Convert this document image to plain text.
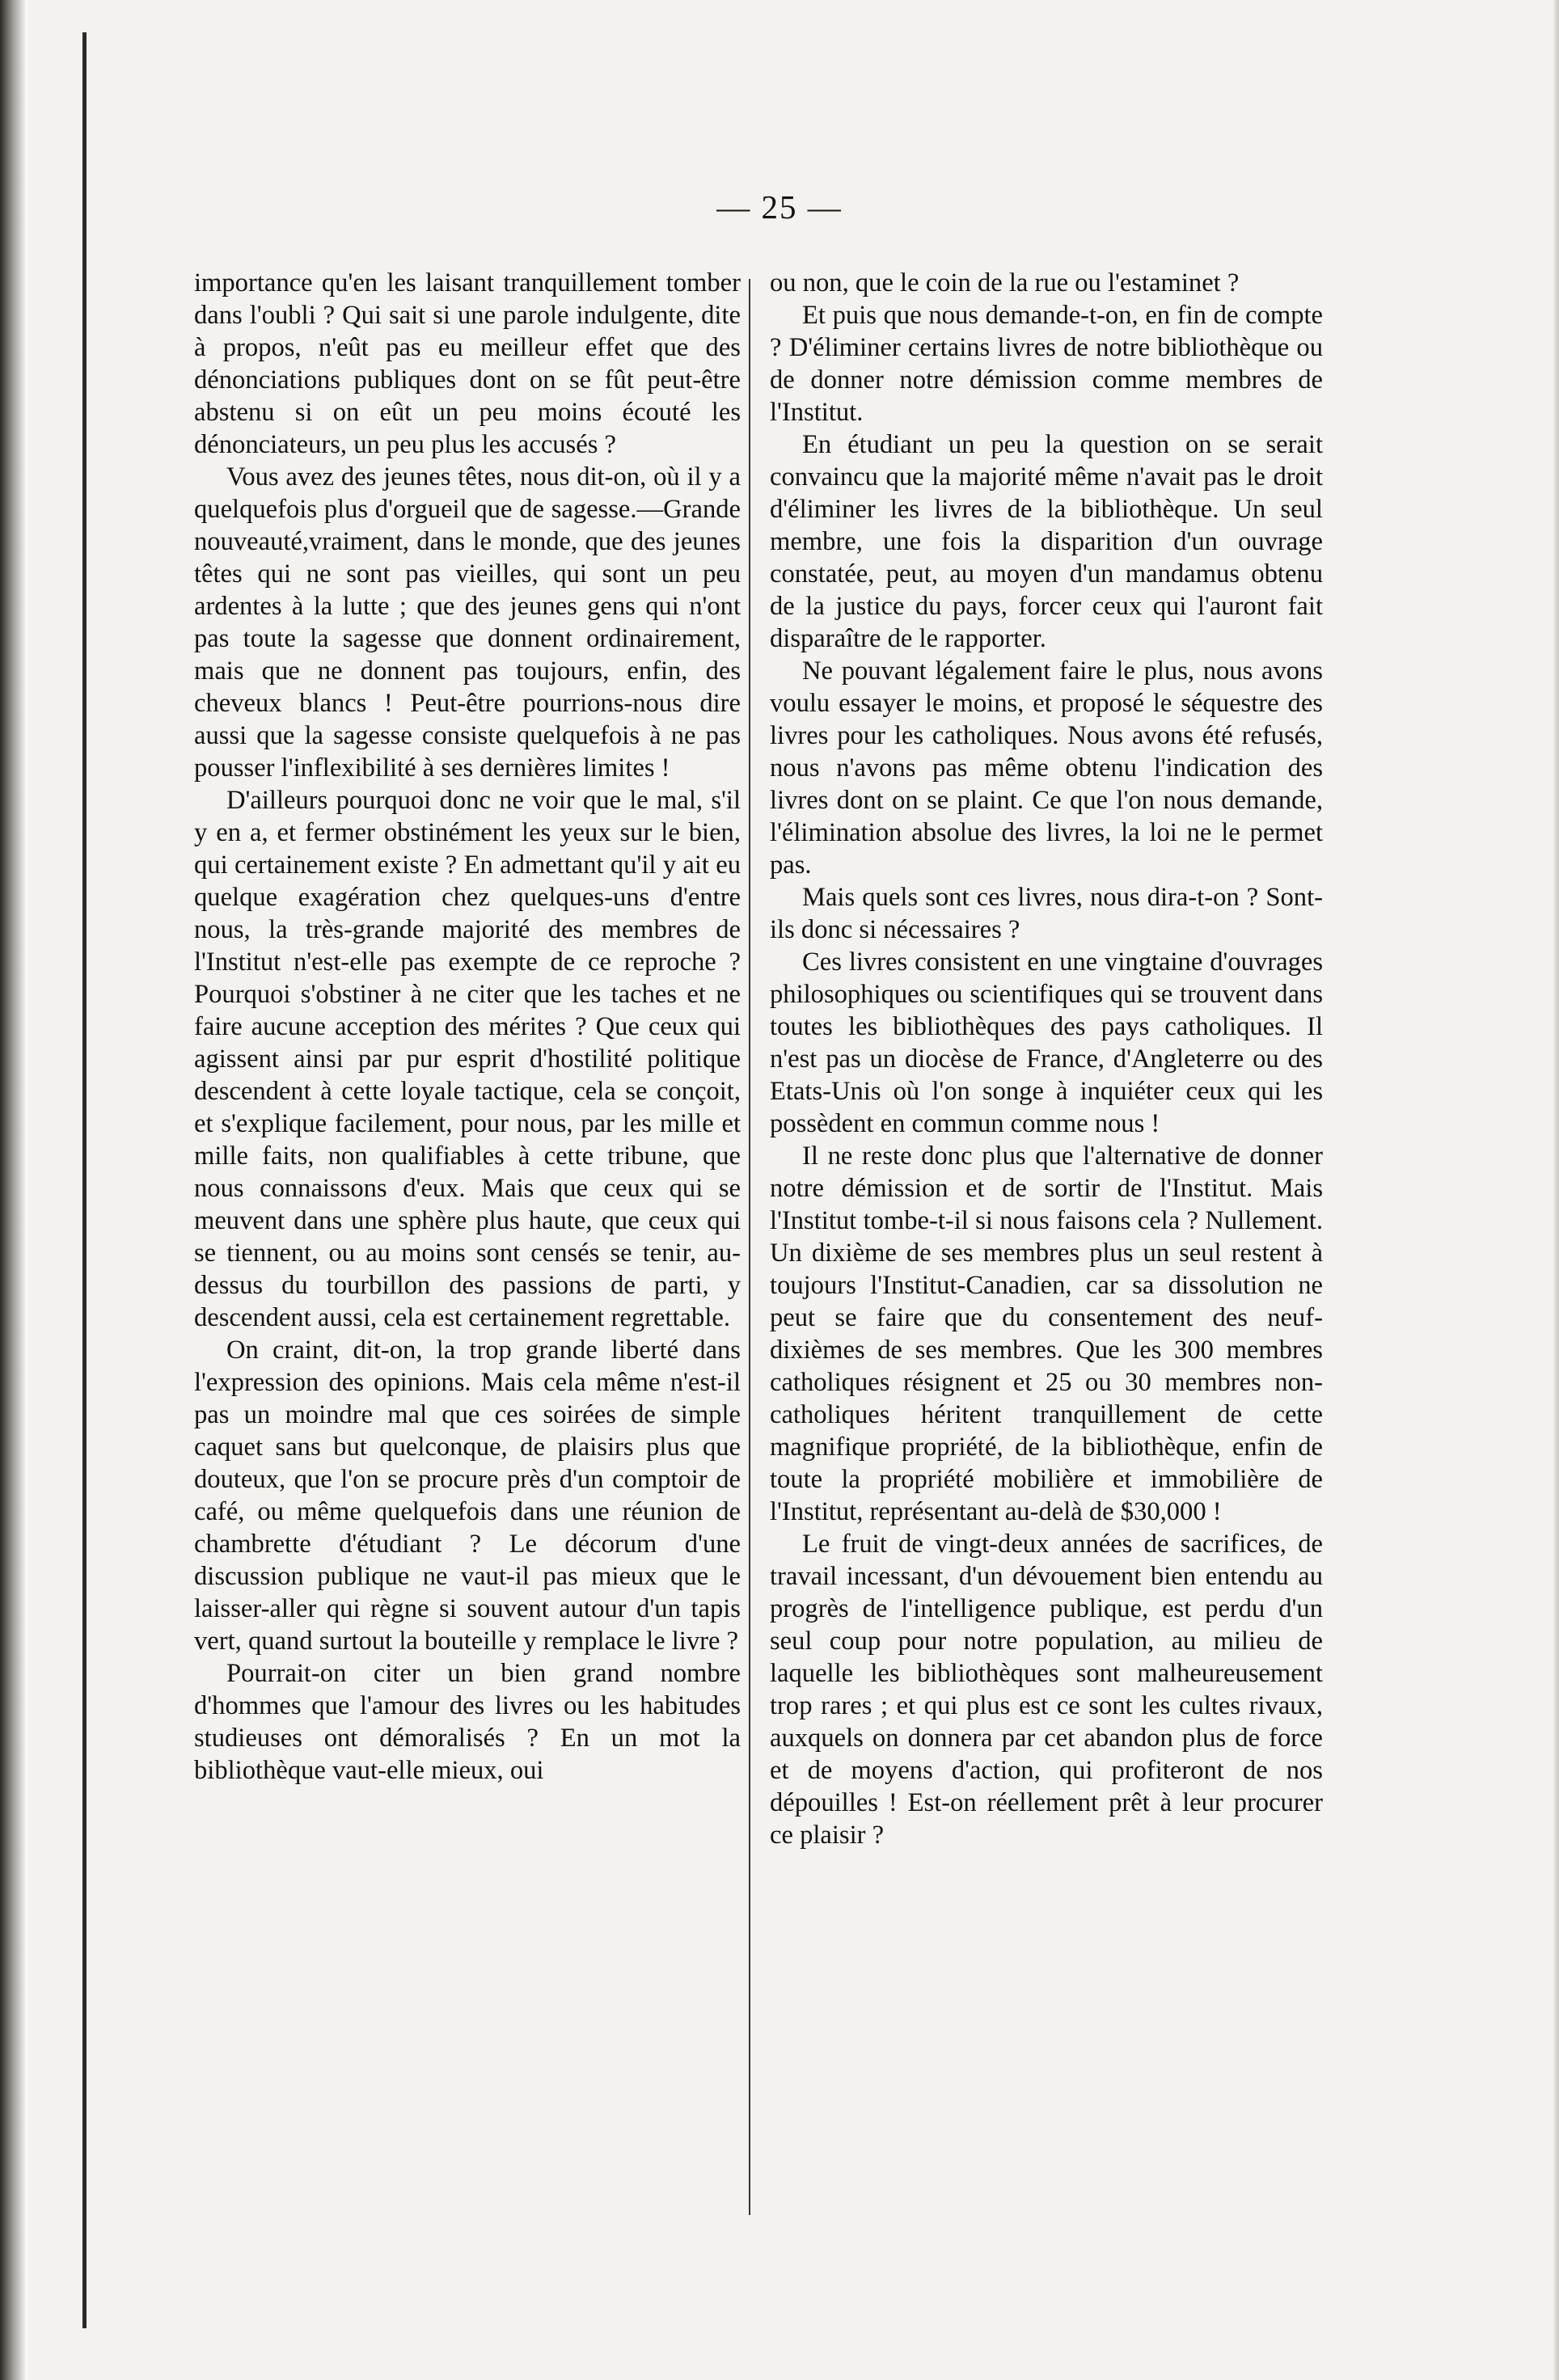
— 25 —

importance qu'en les laisant tranquillement tomber dans l'oubli ? Qui sait si une parole indulgente, dite à propos, n'eût pas eu meilleur effet que des dénonciations publiques dont on se fût peut-être abstenu si on eût un peu moins écouté les dénonciateurs, un peu plus les accusés ?

Vous avez des jeunes têtes, nous dit-on, où il y a quelquefois plus d'orgueil que de sagesse.—Grande nouveauté,vraiment, dans le monde, que des jeunes têtes qui ne sont pas vieilles, qui sont un peu ardentes à la lutte ; que des jeunes gens qui n'ont pas toute la sagesse que donnent ordinairement, mais que ne donnent pas toujours, enfin, des cheveux blancs ! Peut-être pourrions-nous dire aussi que la sagesse consiste quelquefois à ne pas pousser l'inflexibilité à ses dernières limites !

D'ailleurs pourquoi donc ne voir que le mal, s'il y en a, et fermer obstinément les yeux sur le bien, qui certainement existe ? En admettant qu'il y ait eu quelque exagération chez quelques-uns d'entre nous, la très-grande majorité des membres de l'Institut n'est-elle pas exempte de ce reproche ? Pourquoi s'obstiner à ne citer que les taches et ne faire aucune acception des mérites ? Que ceux qui agissent ainsi par pur esprit d'hostilité politique descendent à cette loyale tactique, cela se conçoit, et s'explique facilement, pour nous, par les mille et mille faits, non qualifiables à cette tribune, que nous connaissons d'eux. Mais que ceux qui se meuvent dans une sphère plus haute, que ceux qui se tiennent, ou au moins sont censés se tenir, au-dessus du tourbillon des passions de parti, y descendent aussi, cela est certainement regrettable.

On craint, dit-on, la trop grande liberté dans l'expression des opinions. Mais cela même n'est-il pas un moindre mal que ces soirées de simple caquet sans but quelconque, de plaisirs plus que douteux, que l'on se procure près d'un comptoir de café, ou même quelquefois dans une réunion de chambrette d'étudiant ? Le décorum d'une discussion publique ne vaut-il pas mieux que le laisser-aller qui règne si souvent autour d'un tapis vert, quand surtout la bouteille y remplace le livre ?

Pourrait-on citer un bien grand nombre d'hommes que l'amour des livres ou les habitudes studieuses ont démoralisés ? En un mot la bibliothèque vaut-elle mieux, oui

ou non, que le coin de la rue ou l'estaminet ?

Et puis que nous demande-t-on, en fin de compte ? D'éliminer certains livres de notre bibliothèque ou de donner notre démission comme membres de l'Institut.

En étudiant un peu la question on se serait convaincu que la majorité même n'avait pas le droit d'éliminer les livres de la bibliothèque. Un seul membre, une fois la disparition d'un ouvrage constatée, peut, au moyen d'un mandamus obtenu de la justice du pays, forcer ceux qui l'auront fait disparaître de le rapporter.

Ne pouvant légalement faire le plus, nous avons voulu essayer le moins, et proposé le séquestre des livres pour les catholiques. Nous avons été refusés, nous n'avons pas même obtenu l'indication des livres dont on se plaint. Ce que l'on nous demande, l'élimination absolue des livres, la loi ne le permet pas.

Mais quels sont ces livres, nous dira-t-on ? Sont-ils donc si nécessaires ?

Ces livres consistent en une vingtaine d'ouvrages philosophiques ou scientifiques qui se trouvent dans toutes les bibliothèques des pays catholiques. Il n'est pas un diocèse de France, d'Angleterre ou des Etats-Unis où l'on songe à inquiéter ceux qui les possèdent en commun comme nous !

Il ne reste donc plus que l'alternative de donner notre démission et de sortir de l'Institut. Mais l'Institut tombe-t-il si nous faisons cela ? Nullement. Un dixième de ses membres plus un seul restent à toujours l'Institut-Canadien, car sa dissolution ne peut se faire que du consentement des neuf-dixièmes de ses membres. Que les 300 membres catholiques résignent et 25 ou 30 membres non-catholiques héritent tranquillement de cette magnifique propriété, de la bibliothèque, enfin de toute la propriété mobilière et immobilière de l'Institut, représentant au-delà de $30,000 !

Le fruit de vingt-deux années de sacrifices, de travail incessant, d'un dévouement bien entendu au progrès de l'intelligence publique, est perdu d'un seul coup pour notre population, au milieu de laquelle les bibliothèques sont malheureusement trop rares ; et qui plus est ce sont les cultes rivaux, auxquels on donnera par cet abandon plus de force et de moyens d'action, qui profiteront de nos dépouilles ! Est-on réellement prêt à leur procurer ce plaisir ?
